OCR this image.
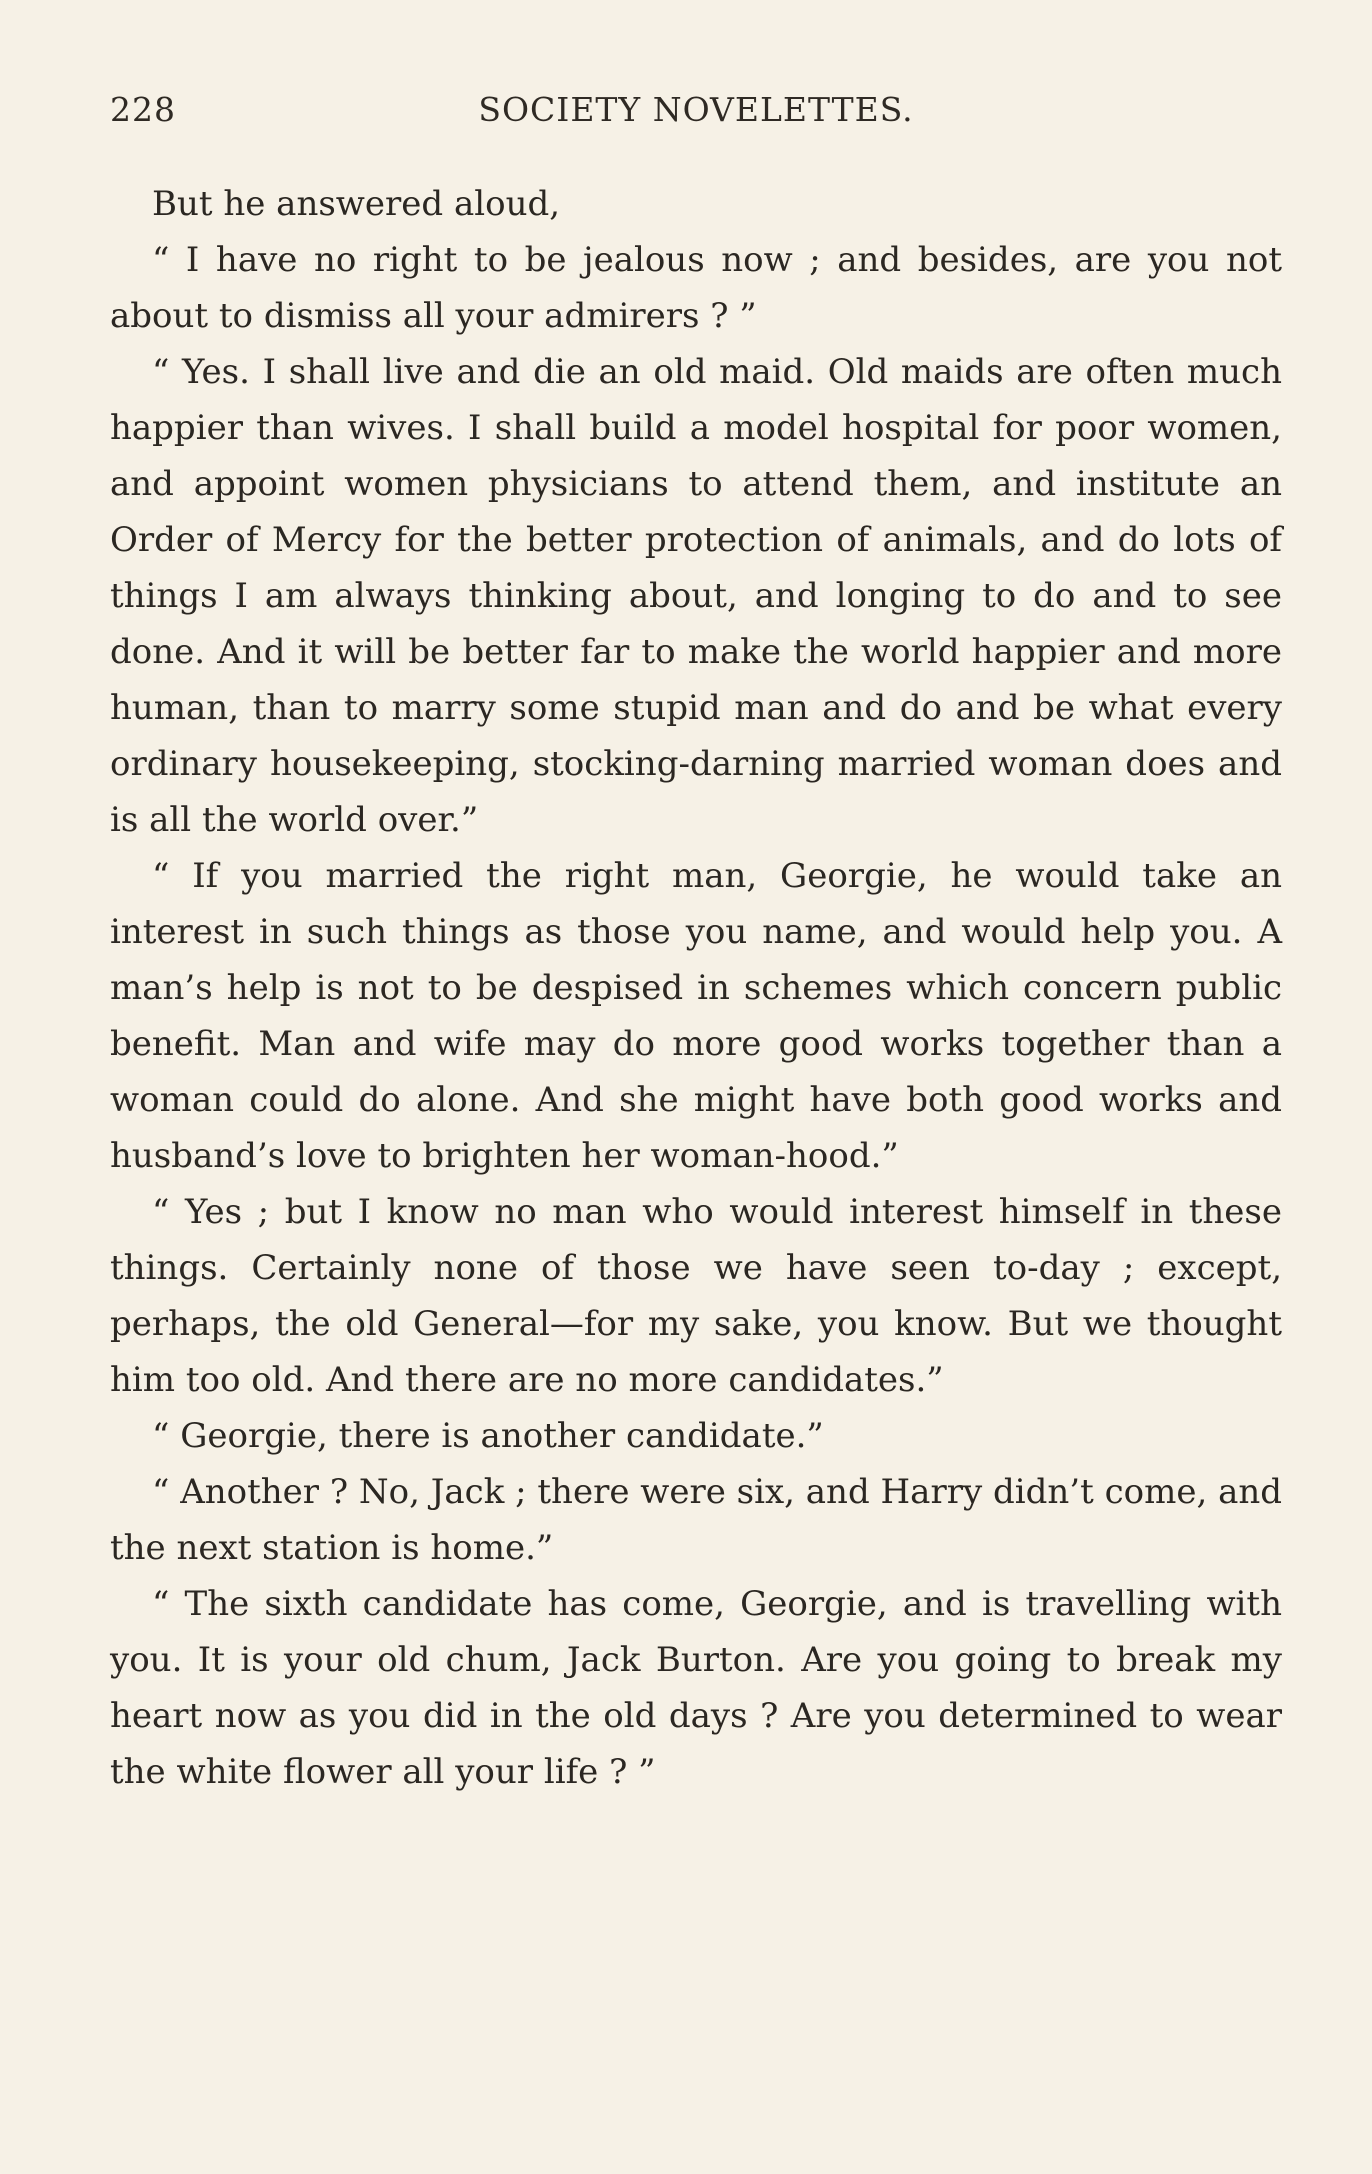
228	SOCIETY NOVELETTES.

But he answered aloud,

“ I have no right to be jealous now ; and besides, are you not about to dismiss all your admirers ? ”

“ Yes. I shall live and die an old maid. Old maids are often much happier than wives. I shall build a model hospital for poor women, and appoint women physicians to attend them, and institute an Order of Mercy for the better protection of animals, and do lots of things I am always thinking about, and longing to do and to see done. And it will be better far to make the world happier and more human, than to marry some stupid man and do and be what every ordinary housekeeping, stocking-darning married woman does and is all the world over.”

“ If you married the right man, Georgie, he would take an interest in such things as those you name, and would help you. A man’s help is not to be despised in schemes which concern public benefit. Man and wife may do more good works together than a woman could do alone. And she might have both good works and husband’s love to brighten her woman-hood.”

“ Yes ; but I know no man who would interest himself in these things. Certainly none of those we have seen to-day ; except, perhaps, the old General—for my sake, you know. But we thought him too old. And there are no more candidates.”

“ Georgie, there is another candidate.”

“ Another ? No, Jack ; there were six, and Harry didn’t come, and the next station is home.”

“ The sixth candidate has come, Georgie, and is travelling with you. It is your old chum, Jack Burton. Are you going to break my heart now as you did in the old days ? Are you determined to wear the white flower all your life ? ”
